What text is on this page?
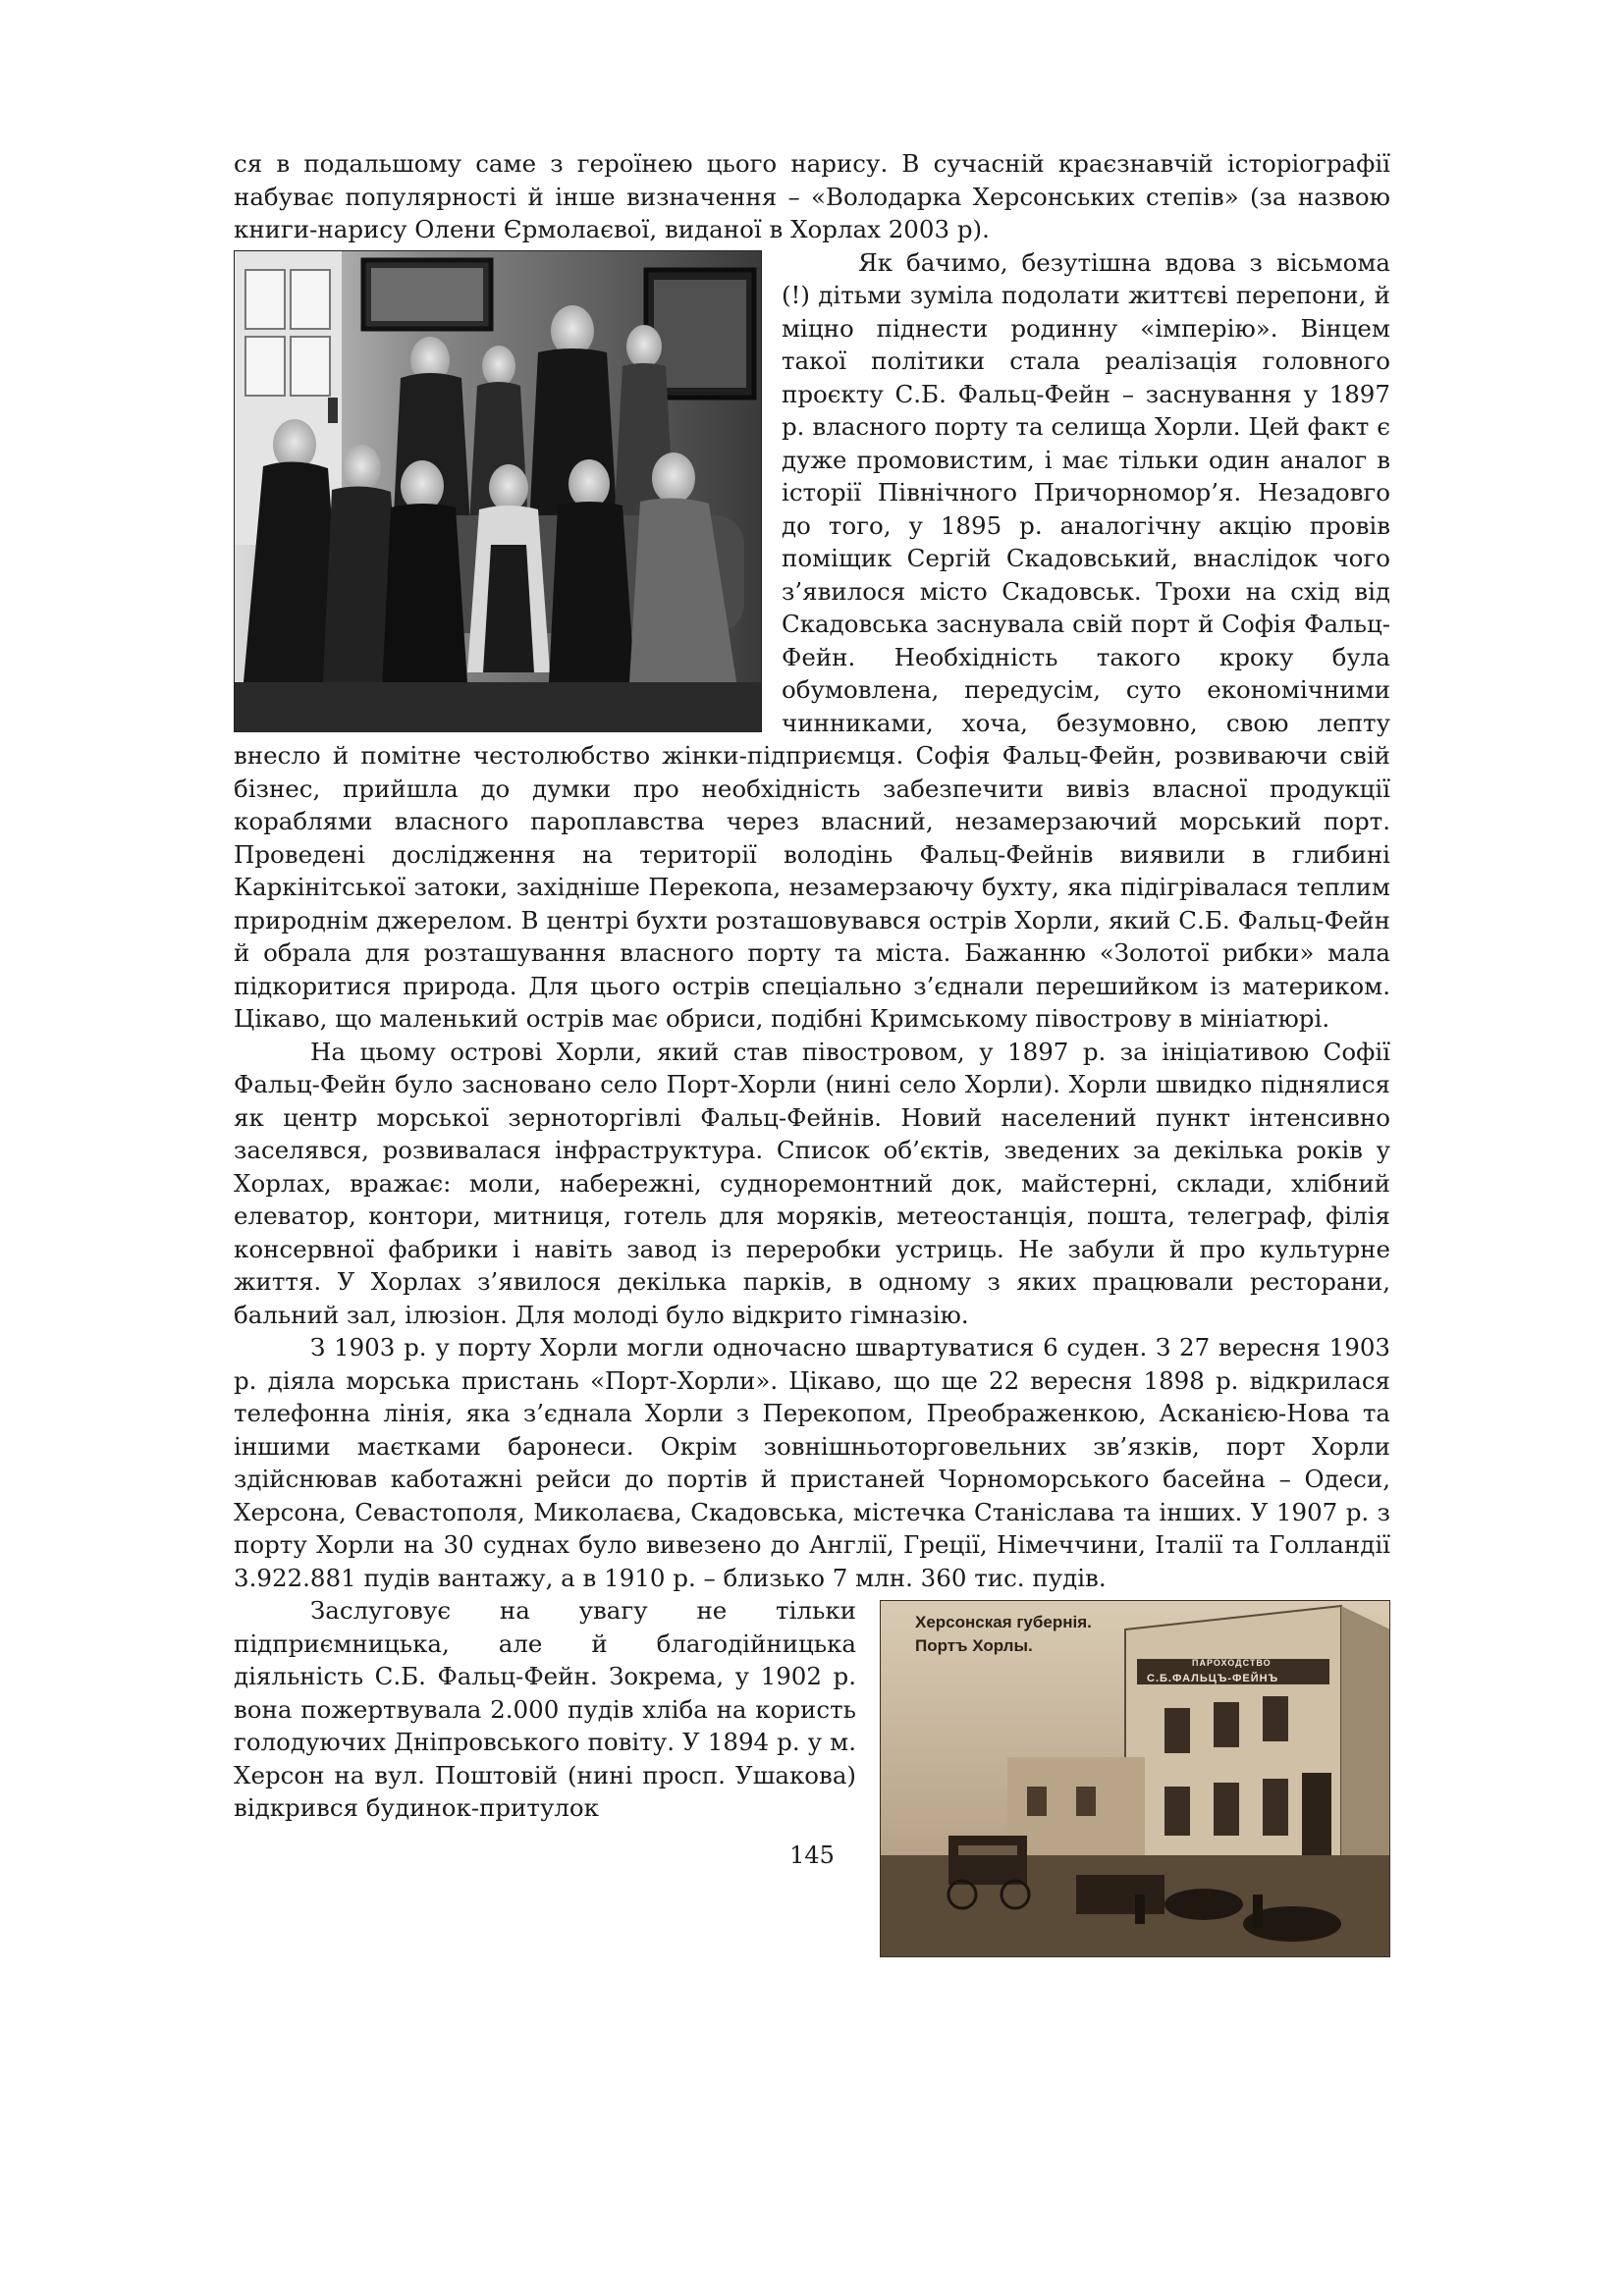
ся в подальшому саме з героїнею цього нарису. В сучасній краєзнавчій історіографії набуває популярності й інше визначення – «Володарка Херсонських степів» (за назвою книги-нарису Олени Єрмолаєвої, виданої в Хорлах 2003 р).

Як бачимо, безутішна вдова з вісьмома (!) дітьми зуміла подолати життєві перепони, й міцно піднести родинну «імперію». Вінцем такої політики стала реалізація головного проєкту С.Б. Фальц-Фейн – заснування у 1897 р. власного порту та селища Хорли. Цей факт є дуже промовистим, і має тільки один аналог в історії Північного Причорномор’я. Незадовго до того, у 1895 р. аналогічну акцію провів поміщик Сергій Скадовський, внаслідок чого з’явилося місто Скадовськ. Трохи на схід від Скадовська заснувала свій порт й Софія Фальц-Фейн. Необхідність такого кроку була обумовлена, передусім, суто економічними чинниками, хоча, безумовно, свою лепту внесло й помітне честолюбство жінки-підприємця. Софія Фальц-Фейн, розвиваючи свій бізнес, прийшла до думки про необхідність забезпечити вивіз власної продукції кораблями власного пароплавства через власний, незамерзаючий морський порт. Проведені дослідження на території володінь Фальц-Фейнів виявили в глибині Каркінітської затоки, західніше Перекопа, незамерзаючу бухту, яка підігрівалася теплим природнім джерелом. В центрі бухти розташовувався острів Хорли, який С.Б. Фальц-Фейн й обрала для розташування власного порту та міста. Бажанню «Золотої рибки» мала підкоритися природа. Для цього острів спеціально з’єднали перешийком із материком. Цікаво, що маленький острів має обриси, подібні Кримському півострову в мініатюрі.

На цьому острові Хорли, який став півостровом, у 1897 р. за ініціативою Софії Фальц-Фейн було засновано село Порт-Хорли (нині село Хорли). Хорли швидко піднялися як центр морської зерноторгівлі Фальц-Фейнів. Новий населений пункт інтенсивно заселявся, розвивалася інфраструктура. Список об’єктів, зведених за декілька років у Хорлах, вражає: моли, набережні, судноремонтний док, майстерні, склади, хлібний елеватор, контори, митниця, готель для моряків, метеостанція, пошта, телеграф, філія консервної фабрики і навіть завод із переробки устриць. Не забули й про культурне життя. У Хорлах з’явилося декілька парків, в одному з яких працювали ресторани, бальний зал, ілюзіон. Для молоді було відкрито гімназію.

З 1903 р. у порту Хорли могли одночасно швартуватися 6 суден. З 27 вересня 1903 р. діяла морська пристань «Порт-Хорли». Цікаво, що ще 22 вересня 1898 р. відкрилася телефонна лінія, яка з’єднала Хорли з Перекопом, Преображенкою, Асканією-Нова та іншими маєтками баронеси. Окрім зовнішньоторговельних зв’язків, порт Хорли здійснював каботажні рейси до портів й пристаней Чорноморського басейна – Одеси, Херсона, Севастополя, Миколаєва, Скадовська, містечка Станіслава та інших. У 1907 р. з порту Хорли на 30 суднах було вивезено до Англії, Греції, Німеччини, Італії та Голландії 3.922.881 пудів вантажу, а в 1910 р. – близько 7 млн. 360 тис. пудів.

Херсонская губернія.
Портъ Хорлы.
ПАРОХОДСТВО
С.Б.ФАЛЬЦЪ-ФЕЙНЪ

Заслуговує на увагу не тільки підприємницька, але й благодійницька діяльність С.Б. Фальц-Фейн. Зокрема, у 1902 р. вона пожертвувала 2.000 пудів хліба на користь голодуючих Дніпровського повіту. У 1894 р. у м. Херсон на вул. Поштовій (нині просп. Ушакова) відкрився будинок-притулок

145
